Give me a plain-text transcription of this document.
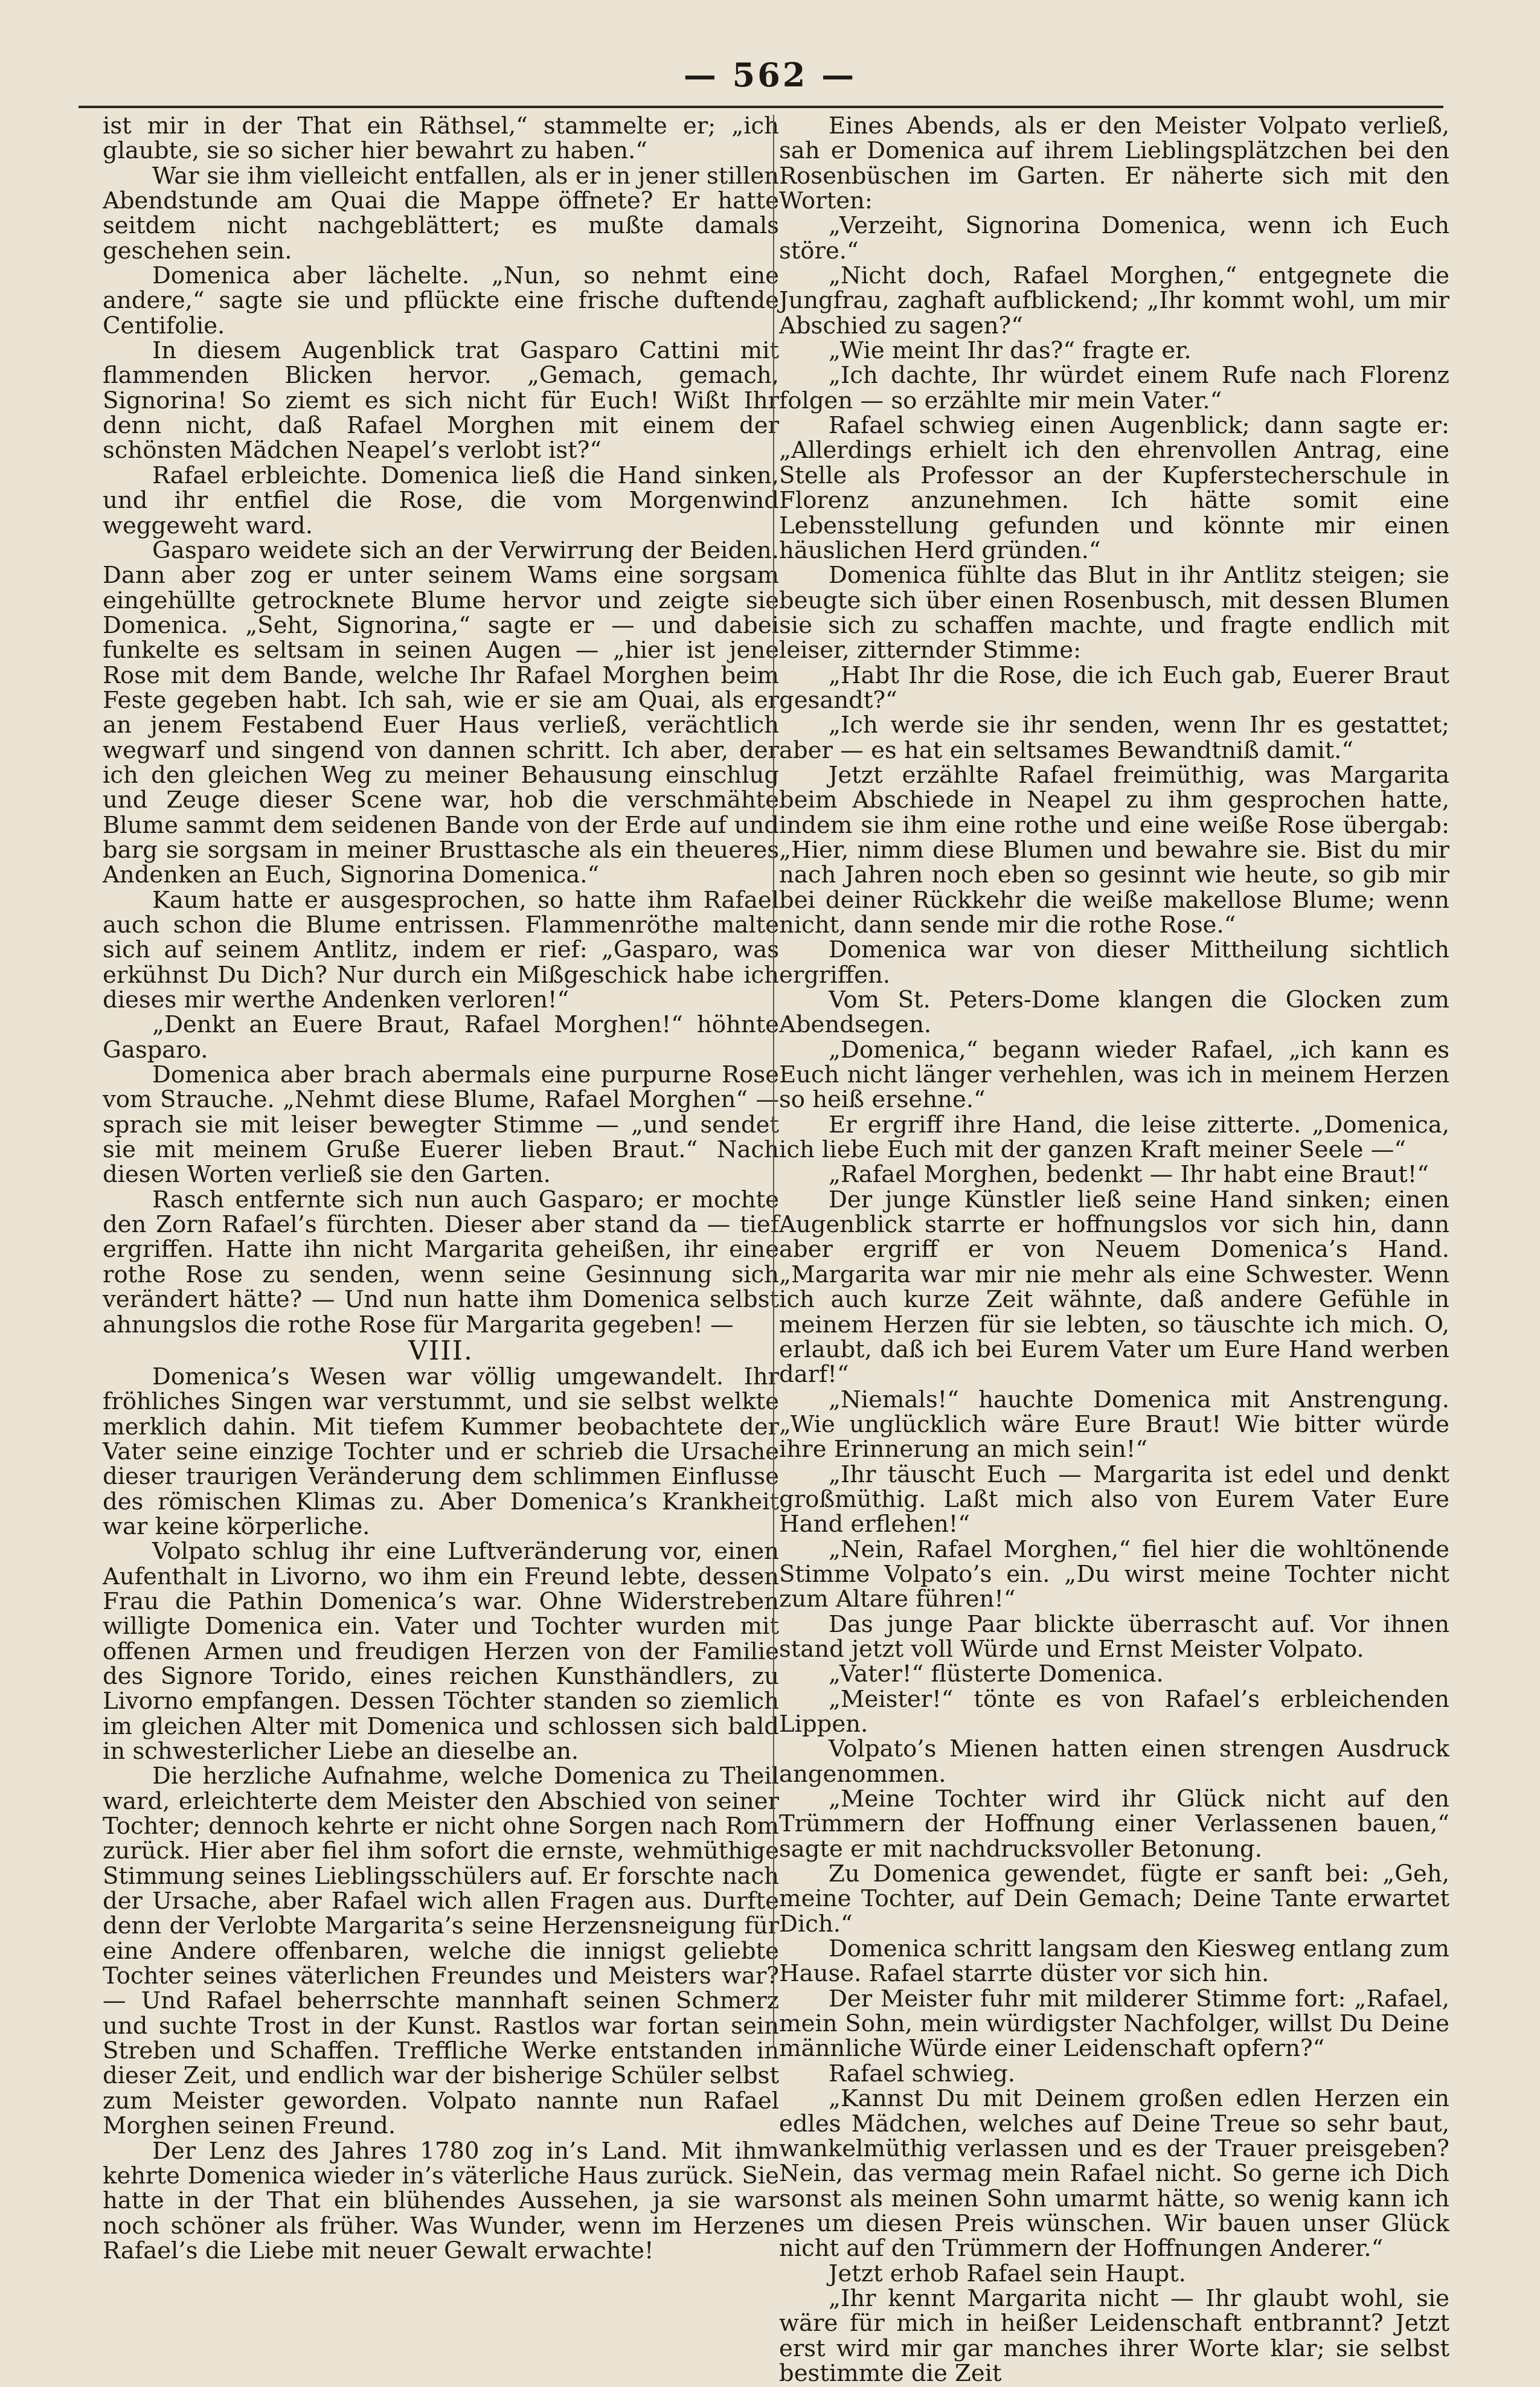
— 562 —

ist mir in der That ein Räthsel,“ stammelte er; „ich glaubte, sie so sicher hier bewahrt zu haben.“

War sie ihm vielleicht entfallen, als er in jener stillen Abendstunde am Quai die Mappe öffnete? Er hatte seitdem nicht nachgeblättert; es mußte damals geschehen sein.

Domenica aber lächelte. „Nun, so nehmt eine andere,“ sagte sie und pflückte eine frische duftende Centifolie.

In diesem Augenblick trat Gasparo Cattini mit flammenden Blicken hervor. „Gemach, gemach, Signorina! So ziemt es sich nicht für Euch! Wißt Ihr denn nicht, daß Rafael Morghen mit einem der schönsten Mädchen Neapel’s verlobt ist?“

Rafael erbleichte. Domenica ließ die Hand sinken, und ihr entfiel die Rose, die vom Morgenwind weggeweht ward.

Gasparo weidete sich an der Verwirrung der Beiden. Dann aber zog er unter seinem Wams eine sorgsam eingehüllte getrocknete Blume hervor und zeigte sie Domenica. „Seht, Signorina,“ sagte er — und dabei funkelte es seltsam in seinen Augen — „hier ist jene Rose mit dem Bande, welche Ihr Rafael Morghen beim Feste gegeben habt. Ich sah, wie er sie am Quai, als er an jenem Festabend Euer Haus verließ, verächtlich wegwarf und singend von dannen schritt. Ich aber, der ich den gleichen Weg zu meiner Behausung einschlug und Zeuge dieser Scene war, hob die verschmähte Blume sammt dem seidenen Bande von der Erde auf und barg sie sorgsam in meiner Brusttasche als ein theueres Andenken an Euch, Signorina Domenica.“

Kaum hatte er ausgesprochen, so hatte ihm Rafael auch schon die Blume entrissen. Flammenröthe malte sich auf seinem Antlitz, indem er rief: „Gasparo, was erkühnst Du Dich? Nur durch ein Mißgeschick habe ich dieses mir werthe Andenken verloren!“

„Denkt an Euere Braut, Rafael Morghen!“ höhnte Gasparo.

Domenica aber brach abermals eine purpurne Rose vom Strauche. „Nehmt diese Blume, Rafael Morghen“ — sprach sie mit leiser bewegter Stimme — „und sendet sie mit meinem Gruße Euerer lieben Braut.“ Nach diesen Worten verließ sie den Garten.

Rasch entfernte sich nun auch Gasparo; er mochte den Zorn Rafael’s fürchten. Dieser aber stand da — tief ergriffen. Hatte ihn nicht Margarita geheißen, ihr eine rothe Rose zu senden, wenn seine Gesinnung sich verändert hätte? — Und nun hatte ihm Domenica selbst ahnungslos die rothe Rose für Margarita gegeben! —

VIII.

Domenica’s Wesen war völlig umgewandelt. Ihr fröhliches Singen war verstummt, und sie selbst welkte merklich dahin. Mit tiefem Kummer beobachtete der Vater seine einzige Tochter und er schrieb die Ursache dieser traurigen Veränderung dem schlimmen Einflusse des römischen Klimas zu. Aber Domenica’s Krankheit war keine körperliche.

Volpato schlug ihr eine Luftveränderung vor, einen Aufenthalt in Livorno, wo ihm ein Freund lebte, dessen Frau die Pathin Domenica’s war. Ohne Widerstreben willigte Domenica ein. Vater und Tochter wurden mit offenen Armen und freudigen Herzen von der Familie des Signore Torido, eines reichen Kunsthändlers, zu Livorno empfangen. Dessen Töchter standen so ziemlich im gleichen Alter mit Domenica und schlossen sich bald in schwesterlicher Liebe an dieselbe an.

Die herzliche Aufnahme, welche Domenica zu Theil ward, erleichterte dem Meister den Abschied von seiner Tochter; dennoch kehrte er nicht ohne Sorgen nach Rom zurück. Hier aber fiel ihm sofort die ernste, wehmüthige Stimmung seines Lieblingsschülers auf. Er forschte nach der Ursache, aber Rafael wich allen Fragen aus. Durfte denn der Verlobte Margarita’s seine Herzensneigung für eine Andere offenbaren, welche die innigst geliebte Tochter seines väterlichen Freundes und Meisters war? — Und Rafael beherrschte mannhaft seinen Schmerz und suchte Trost in der Kunst. Rastlos war fortan sein Streben und Schaffen. Treffliche Werke entstanden in dieser Zeit, und endlich war der bisherige Schüler selbst zum Meister geworden. Volpato nannte nun Rafael Morghen seinen Freund.

Der Lenz des Jahres 1780 zog in’s Land. Mit ihm kehrte Domenica wieder in’s väterliche Haus zurück. Sie hatte in der That ein blühendes Aussehen, ja sie war noch schöner als früher. Was Wunder, wenn im Herzen Rafael’s die Liebe mit neuer Gewalt erwachte!

Eines Abends, als er den Meister Volpato verließ, sah er Domenica auf ihrem Lieblingsplätzchen bei den Rosenbüschen im Garten. Er näherte sich mit den Worten:

„Verzeiht, Signorina Domenica, wenn ich Euch störe.“

„Nicht doch, Rafael Morghen,“ entgegnete die Jungfrau, zaghaft aufblickend; „Ihr kommt wohl, um mir Abschied zu sagen?“

„Wie meint Ihr das?“ fragte er.

„Ich dachte, Ihr würdet einem Rufe nach Florenz folgen — so erzählte mir mein Vater.“

Rafael schwieg einen Augenblick; dann sagte er: „Allerdings erhielt ich den ehrenvollen Antrag, eine Stelle als Professor an der Kupferstecherschule in Florenz anzunehmen. Ich hätte somit eine Lebensstellung gefunden und könnte mir einen häuslichen Herd gründen.“

Domenica fühlte das Blut in ihr Antlitz steigen; sie beugte sich über einen Rosenbusch, mit dessen Blumen sie sich zu schaffen machte, und fragte endlich mit leiser, zitternder Stimme:

„Habt Ihr die Rose, die ich Euch gab, Euerer Braut gesandt?“

„Ich werde sie ihr senden, wenn Ihr es gestattet; aber — es hat ein seltsames Bewandtniß damit.“

Jetzt erzählte Rafael freimüthig, was Margarita beim Abschiede in Neapel zu ihm gesprochen hatte, indem sie ihm eine rothe und eine weiße Rose übergab: „Hier, nimm diese Blumen und bewahre sie. Bist du mir nach Jahren noch eben so gesinnt wie heute, so gib mir bei deiner Rückkehr die weiße makellose Blume; wenn nicht, dann sende mir die rothe Rose.“

Domenica war von dieser Mittheilung sichtlich ergriffen.

Vom St. Peters-Dome klangen die Glocken zum Abendsegen.

„Domenica,“ begann wieder Rafael, „ich kann es Euch nicht länger verhehlen, was ich in meinem Herzen so heiß ersehne.“

Er ergriff ihre Hand, die leise zitterte. „Domenica, ich liebe Euch mit der ganzen Kraft meiner Seele —“

„Rafael Morghen, bedenkt — Ihr habt eine Braut!“

Der junge Künstler ließ seine Hand sinken; einen Augenblick starrte er hoffnungslos vor sich hin, dann aber ergriff er von Neuem Domenica’s Hand. „Margarita war mir nie mehr als eine Schwester. Wenn ich auch kurze Zeit wähnte, daß andere Gefühle in meinem Herzen für sie lebten, so täuschte ich mich. O, erlaubt, daß ich bei Eurem Vater um Eure Hand werben darf!“

„Niemals!“ hauchte Domenica mit Anstrengung. „Wie unglücklich wäre Eure Braut! Wie bitter würde ihre Erinnerung an mich sein!“

„Ihr täuscht Euch — Margarita ist edel und denkt großmüthig. Laßt mich also von Eurem Vater Eure Hand erflehen!“

„Nein, Rafael Morghen,“ fiel hier die wohltönende Stimme Volpato’s ein. „Du wirst meine Tochter nicht zum Altare führen!“

Das junge Paar blickte überrascht auf. Vor ihnen stand jetzt voll Würde und Ernst Meister Volpato.

„Vater!“ flüsterte Domenica.

„Meister!“ tönte es von Rafael’s erbleichenden Lippen.

Volpato’s Mienen hatten einen strengen Ausdruck angenommen.

„Meine Tochter wird ihr Glück nicht auf den Trümmern der Hoffnung einer Verlassenen bauen,“ sagte er mit nachdrucksvoller Betonung.

Zu Domenica gewendet, fügte er sanft bei: „Geh, meine Tochter, auf Dein Gemach; Deine Tante erwartet Dich.“

Domenica schritt langsam den Kiesweg entlang zum Hause. Rafael starrte düster vor sich hin.

Der Meister fuhr mit milderer Stimme fort: „Rafael, mein Sohn, mein würdigster Nachfolger, willst Du Deine männliche Würde einer Leidenschaft opfern?“

Rafael schwieg.

„Kannst Du mit Deinem großen edlen Herzen ein edles Mädchen, welches auf Deine Treue so sehr baut, wankelmüthig verlassen und es der Trauer preisgeben? Nein, das vermag mein Rafael nicht. So gerne ich Dich sonst als meinen Sohn umarmt hätte, so wenig kann ich es um diesen Preis wünschen. Wir bauen unser Glück nicht auf den Trümmern der Hoffnungen Anderer.“

Jetzt erhob Rafael sein Haupt.

„Ihr kennt Margarita nicht — Ihr glaubt wohl, sie wäre für mich in heißer Leidenschaft entbrannt? Jetzt erst wird mir gar manches ihrer Worte klar; sie selbst bestimmte die Zeit
